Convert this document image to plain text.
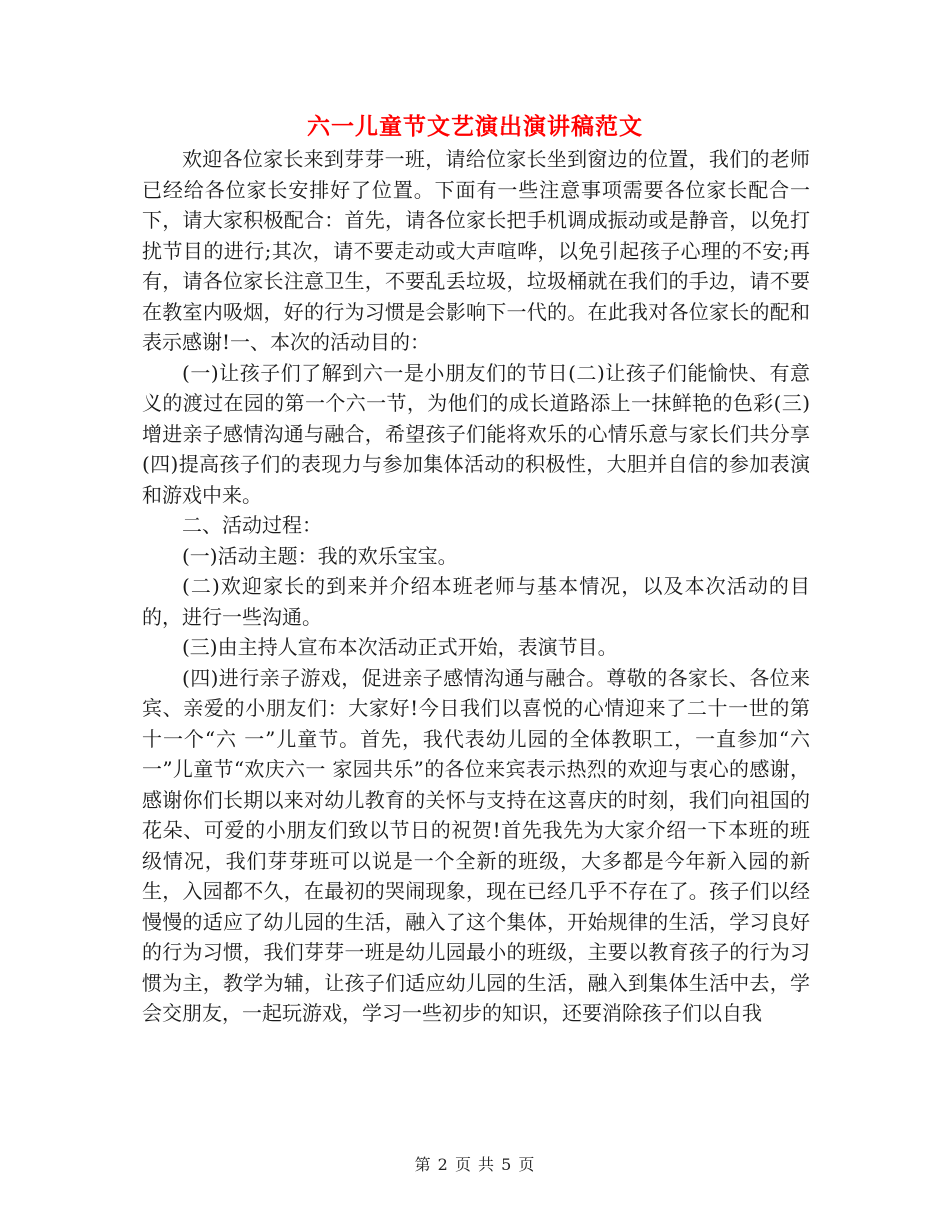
六一儿童节文艺演出演讲稿范文

欢迎各位家长来到芽芽一班，请给位家长坐到窗边的位置，我们的老师已经给各位家长安排好了位置。下面有一些注意事项需要各位家长配合一下，请大家积极配合：首先，请各位家长把手机调成振动或是静音，以免打扰节目的进行;其次，请不要走动或大声喧哗，以免引起孩子心理的不安;再有，请各位家长注意卫生，不要乱丢垃圾，垃圾桶就在我们的手边，请不要在教室内吸烟，好的行为习惯是会影响下一代的。在此我对各位家长的配和表示感谢!一、本次的活动目的：

(一)让孩子们了解到六一是小朋友们的节日(二)让孩子们能愉快、有意义的渡过在园的第一个六一节，为他们的成长道路添上一抹鲜艳的色彩(三)增进亲子感情沟通与融合，希望孩子们能将欢乐的心情乐意与家长们共分享(四)提高孩子们的表现力与参加集体活动的积极性，大胆并自信的参加表演和游戏中来。

二、活动过程：

(一)活动主题：我的欢乐宝宝。

(二)欢迎家长的到来并介绍本班老师与基本情况，以及本次活动的目的，进行一些沟通。

(三)由主持人宣布本次活动正式开始，表演节目。

(四)进行亲子游戏，促进亲子感情沟通与融合。尊敬的各家长、各位来宾、亲爱的小朋友们：大家好!今日我们以喜悦的心情迎来了二十一世的第十一个“六 一”儿童节。首先，我代表幼儿园的全体教职工，一直参加“六一”儿童节“欢庆六一 家园共乐”的各位来宾表示热烈的欢迎与衷心的感谢，感谢你们长期以来对幼儿教育的关怀与支持在这喜庆的时刻，我们向祖国的花朵、可爱的小朋友们致以节日的祝贺!首先我先为大家介绍一下本班的班级情况，我们芽芽班可以说是一个全新的班级，大多都是今年新入园的新生，入园都不久，在最初的哭闹现象，现在已经几乎不存在了。孩子们以经慢慢的适应了幼儿园的生活，融入了这个集体，开始规律的生活，学习良好的行为习惯，我们芽芽一班是幼儿园最小的班级，主要以教育孩子的行为习惯为主，教学为辅，让孩子们适应幼儿园的生活，融入到集体生活中去，学会交朋友，一起玩游戏，学习一些初步的知识，还要消除孩子们以自我

第 2 页 共 5 页
